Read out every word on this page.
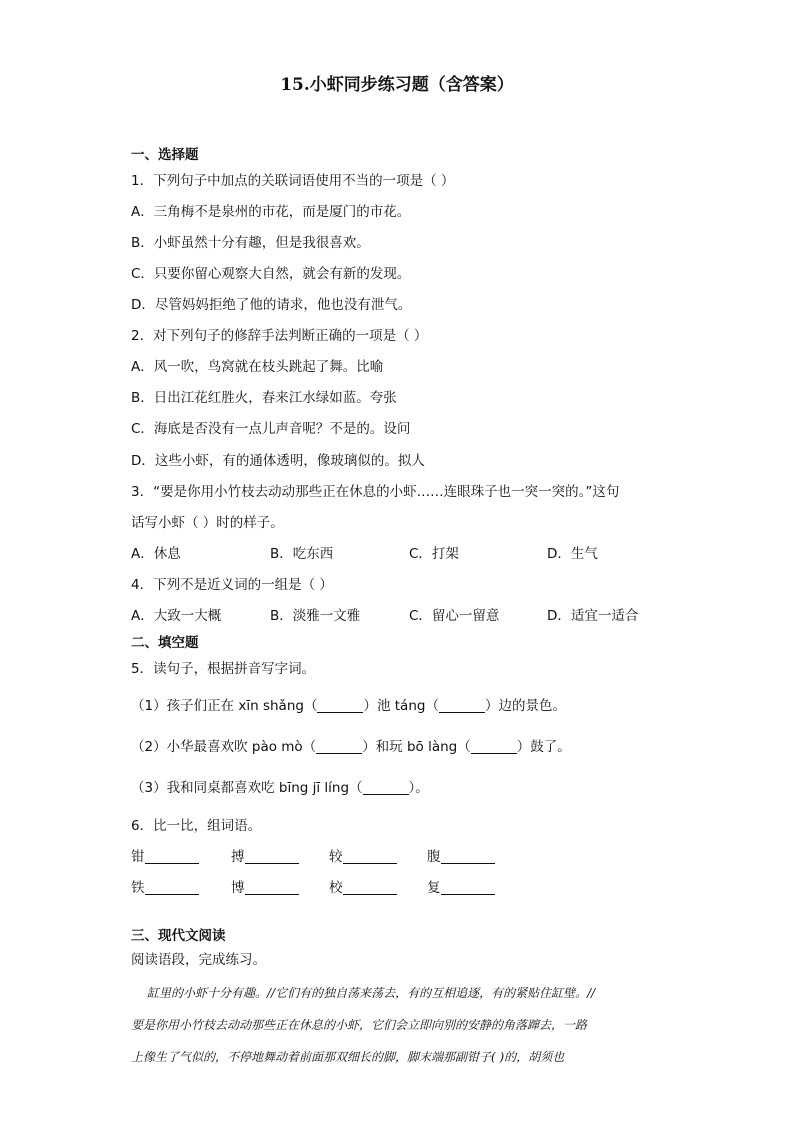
15.小虾同步练习题（含答案）
一、选择题
1．下列句子中加点的关联词语使用不当的一项是（ ）
A．三角梅不是泉州的市花，而是厦门的市花。
B．小虾虽然十分有趣，但是我很喜欢。
C．只要你留心观察大自然，就会有新的发现。
D．尽管妈妈拒绝了他的请求，他也没有泄气。
2．对下列句子的修辞手法判断正确的一项是（ ）
A．风一吹，鸟窝就在枝头跳起了舞。比喻
B．日出江花红胜火，春来江水绿如蓝。夸张
C．海底是否没有一点儿声音呢？不是的。设问
D．这些小虾，有的通体透明，像玻璃似的。拟人
3．“要是你用小竹枝去动动那些正在休息的小虾……连眼珠子也一突一突的。”这句
话写小虾（ ）时的样子。
A．休息	B．吃东西	C．打架	D．生气
4．下列不是近义词的一组是（ ）
A．大致一大概	B．淡雅一文雅	C．留心一留意	D．适宜一适合
二、填空题
5．读句子，根据拼音写字词。
（1）孩子们正在 xīn shǎng（	）池 táng（	）边的景色。
（2）小华最喜欢吹 pào mò（	）和玩 bō làng（	）鼓了。
（3）我和同桌都喜欢吃 bīng jī líng（	）。
6．比一比，组词语。
钳	搏	较	腹
铁	博	校	复
三、现代文阅读
阅读语段，完成练习。
缸里的小虾十分有趣。//它们有的独自荡来荡去，有的互相追逐，有的紧贴住缸壁。//
要是你用小竹枝去动动那些正在休息的小虾，它们会立即向别的安静的角落蹿去，一路
上像生了气似的，不停地舞动着前面那双细长的脚，脚末端那副钳子( )的，胡须也
